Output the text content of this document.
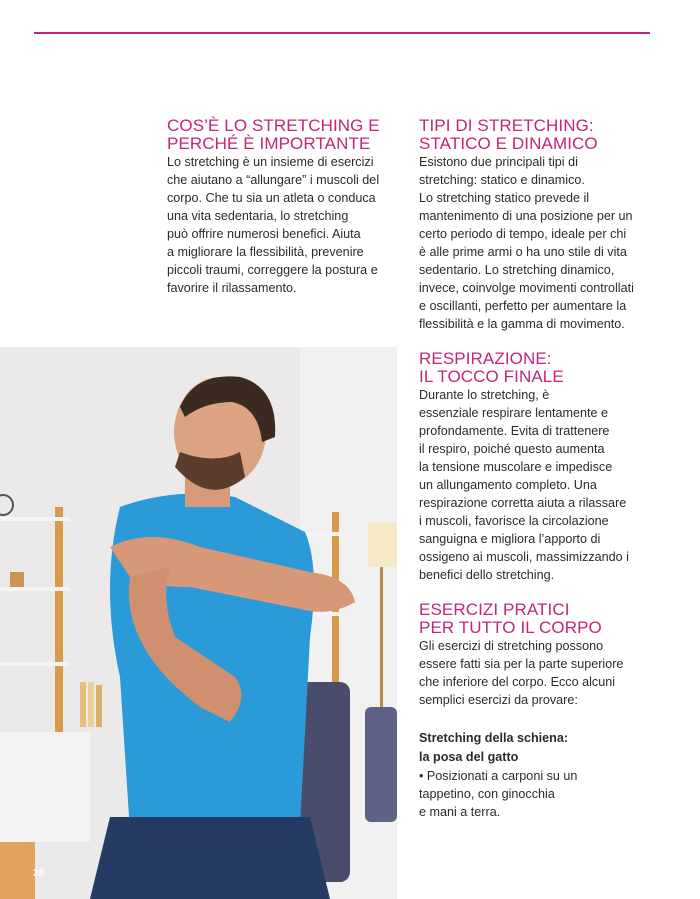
COS’È LO STRETCHING E
PERCHÉ È IMPORTANTE

Lo stretching è un insieme di esercizi
che aiutano a “allungare” i muscoli del
corpo. Che tu sia un atleta o conduca
una vita sedentaria, lo stretching
può offrire numerosi benefici. Aiuta
a migliorare la flessibilità, prevenire
piccoli traumi, correggere la postura e
favorire il rilassamento.

TIPI DI STRETCHING:
STATICO E DINAMICO

Esistono due principali tipi di
stretching: statico e dinamico.
Lo stretching statico prevede il
mantenimento di una posizione per un
certo periodo di tempo, ideale per chi
è alle prime armi o ha uno stile di vita
sedentario. Lo stretching dinamico,
invece, coinvolge movimenti controllati
e oscillanti, perfetto per aumentare la
flessibilità e la gamma di movimento.

RESPIRAZIONE:
IL TOCCO FINALE

Durante lo stretching, è
essenziale respirare lentamente e
profondamente. Evita di trattenere
il respiro, poiché questo aumenta
la tensione muscolare e impedisce
un allungamento completo. Una
respirazione corretta aiuta a rilassare
i muscoli, favorisce la circolazione
sanguigna e migliora l’apporto di
ossigeno ai muscoli, massimizzando i
benefici dello stretching.

ESERCIZI PRATICI
PER TUTTO IL CORPO

Gli esercizi di stretching possono
essere fatti sia per la parte superiore
che inferiore del corpo. Ecco alcuni
semplici esercizi da provare:

Stretching della schiena:
la posa del gatto

• Posizionati a carponi su un
tappetino, con ginocchia
e mani a terra.

38
